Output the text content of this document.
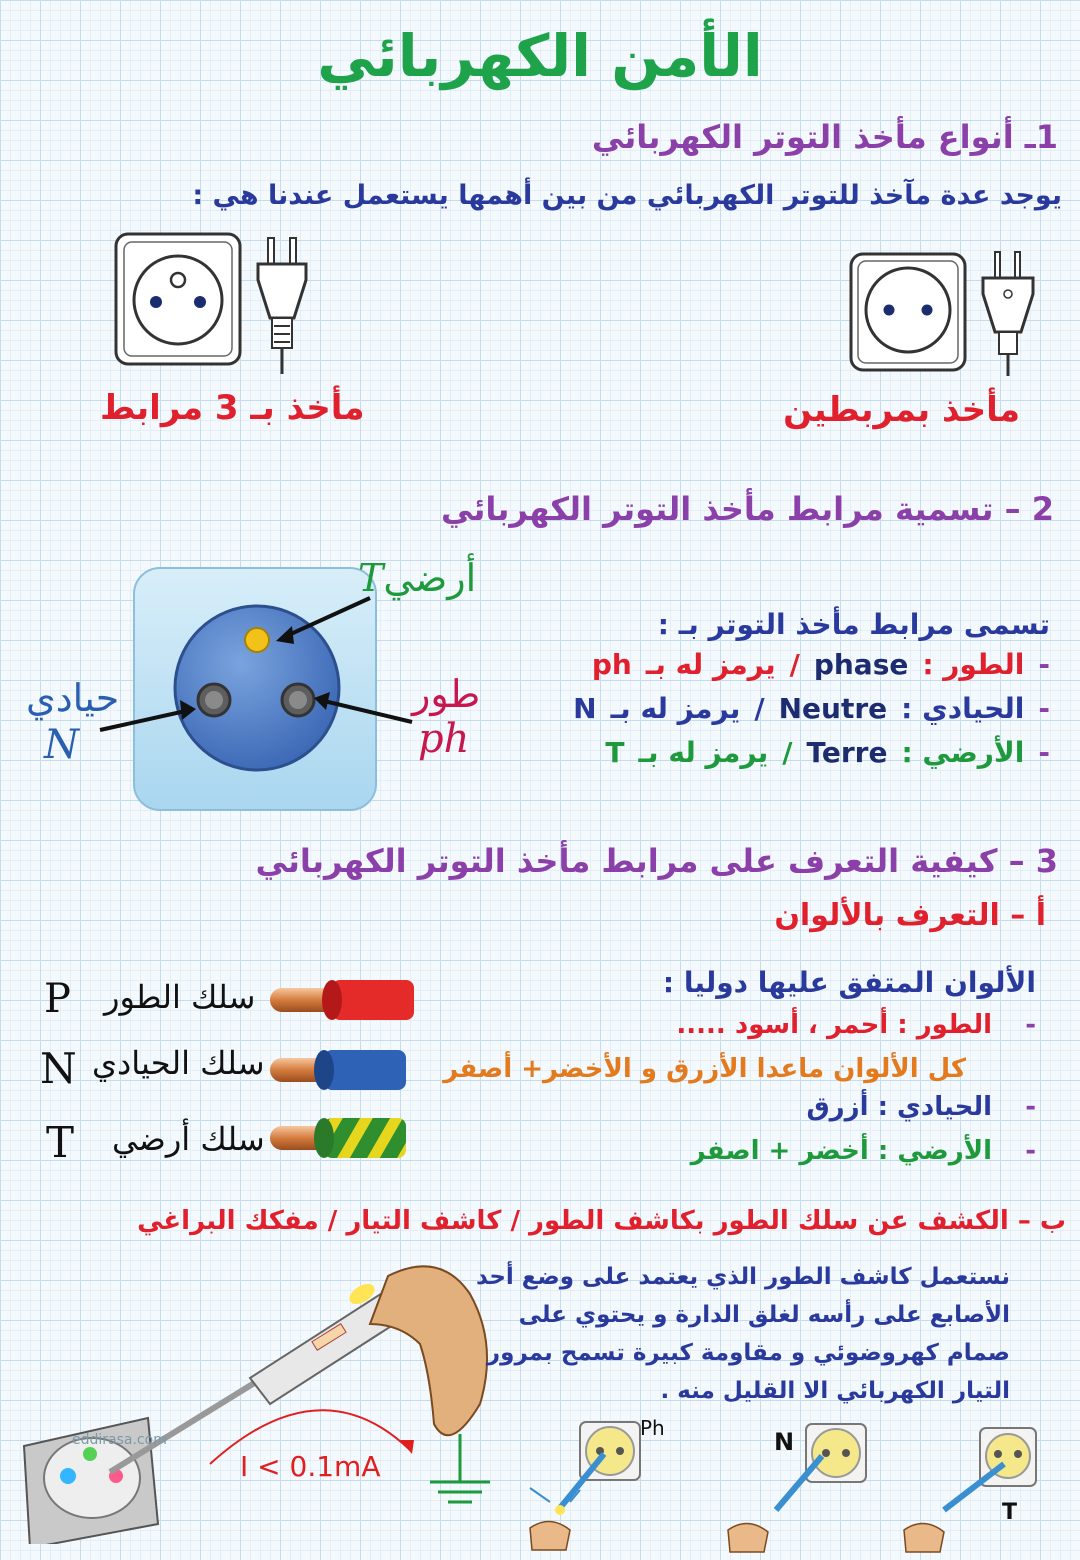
الأمن الكهربائي
1ـ أنواع مأخذ التوتر الكهربائي
يوجد عدة مآخذ للتوتر الكهربائي من بين أهمها يستعمل عندنا هي :
مأخذ بـ 3 مرابط	مأخذ بمربطين
2 – تسمية مرابط مأخذ التوتر الكهربائي
أرضيT
حيادي
N
طور
ph
تسمى مرابط مأخذ التوتر بـ :
-
الطور :
phase
/
يرمز له بـ
ph
-
الحيادي :
Neutre
/
يرمز له بـ
N
-
الأرضي :
Terre
/
يرمز له بـ
T
3 – كيفية التعرف على مرابط مأخذ التوتر الكهربائي
أ – التعرف بالألوان
سلك الطور
سلك الحيادي
سلك أرضي
P
N
T
الألوان المتفق عليها دوليا :
-
الطور : أحمر ، أسود .....
كل الألوان ماعدا الأزرق و الأخضر+ أصفر
-
الحيادي : أزرق
-
الأرضي : أخضر + اصفر
ب – الكشف عن سلك الطور بكاشف الطور / كاشف التيار / مفكك البراغي
eddirasa.com
I < 0.1mA
نستعمل كاشف الطور الذي يعتمد على وضع أحد
الأصابع على رأسه لغلق الدارة و يحتوي على
صمام كهروضوئي و مقاومة كبيرة تسمح بمرور
التيار الكهربائي الا القليل منه .
Ph	N
T
